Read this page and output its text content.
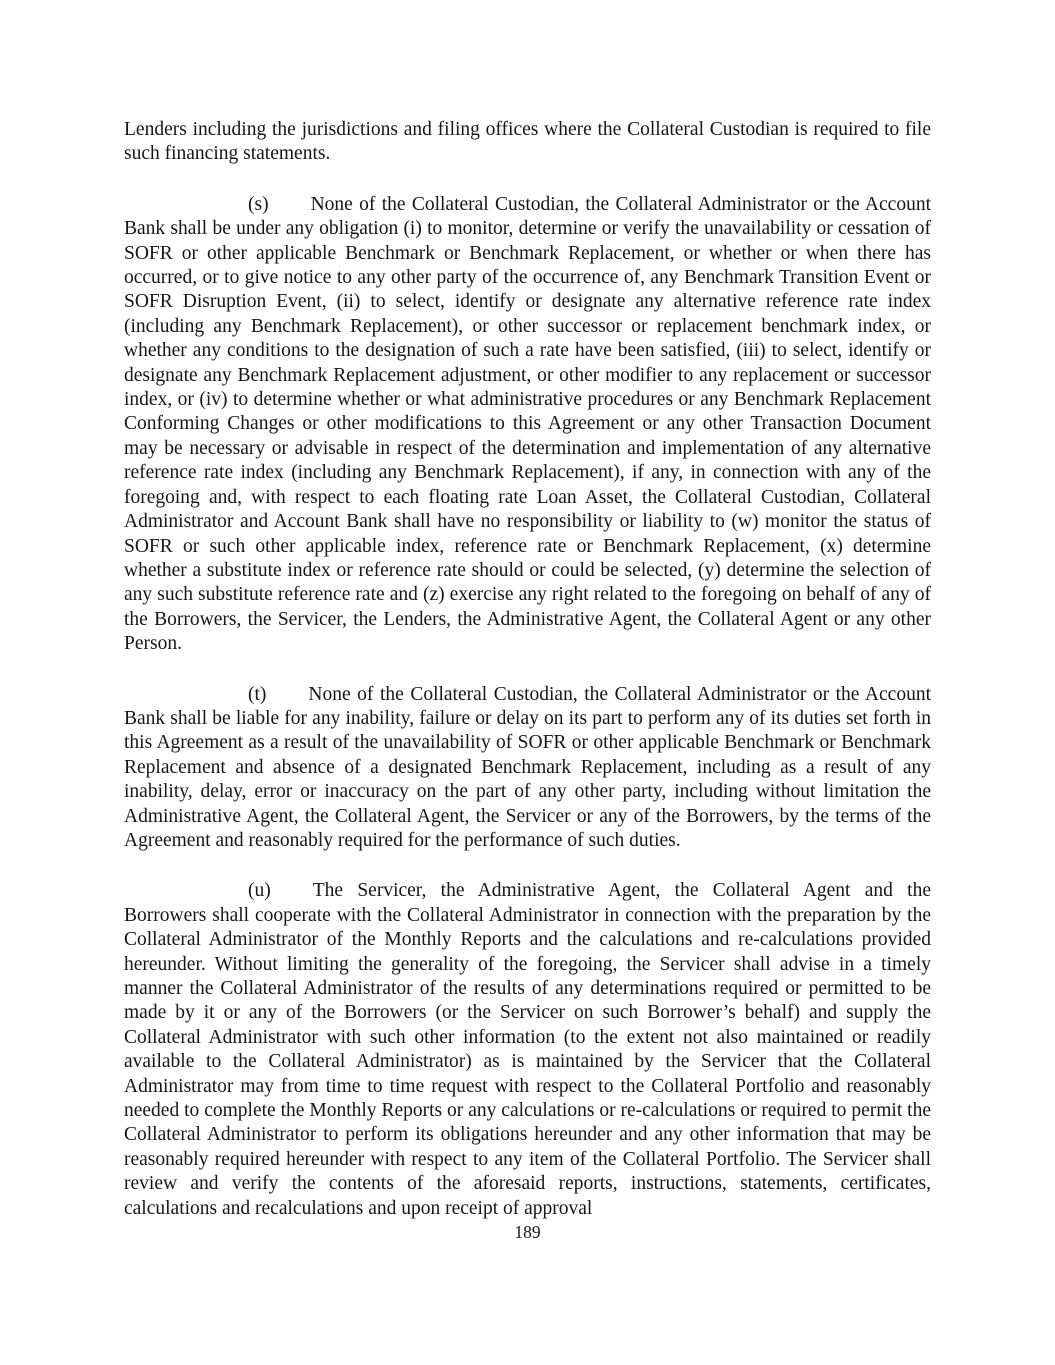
Lenders including the jurisdictions and filing offices where the Collateral Custodian is required to file such financing statements.

(s) None of the Collateral Custodian, the Collateral Administrator or the Account Bank shall be under any obligation (i) to monitor, determine or verify the unavailability or cessation of SOFR or other applicable Benchmark or Benchmark Replacement, or whether or when there has occurred, or to give notice to any other party of the occurrence of, any Benchmark Transition Event or SOFR Disruption Event, (ii) to select, identify or designate any alternative reference rate index (including any Benchmark Replacement), or other successor or replacement benchmark index, or whether any conditions to the designation of such a rate have been satisfied, (iii) to select, identify or designate any Benchmark Replacement adjustment, or other modifier to any replacement or successor index, or (iv) to determine whether or what administrative procedures or any Benchmark Replacement Conforming Changes or other modifications to this Agreement or any other Transaction Document may be necessary or advisable in respect of the determination and implementation of any alternative reference rate index (including any Benchmark Replacement), if any, in connection with any of the foregoing and, with respect to each floating rate Loan Asset, the Collateral Custodian, Collateral Administrator and Account Bank shall have no responsibility or liability to (w) monitor the status of SOFR or such other applicable index, reference rate or Benchmark Replacement, (x) determine whether a substitute index or reference rate should or could be selected, (y) determine the selection of any such substitute reference rate and (z) exercise any right related to the foregoing on behalf of any of the Borrowers, the Servicer, the Lenders, the Administrative Agent, the Collateral Agent or any other Person.

(t) None of the Collateral Custodian, the Collateral Administrator or the Account Bank shall be liable for any inability, failure or delay on its part to perform any of its duties set forth in this Agreement as a result of the unavailability of SOFR or other applicable Benchmark or Benchmark Replacement and absence of a designated Benchmark Replacement, including as a result of any inability, delay, error or inaccuracy on the part of any other party, including without limitation the Administrative Agent, the Collateral Agent, the Servicer or any of the Borrowers, by the terms of the Agreement and reasonably required for the performance of such duties.

(u) The Servicer, the Administrative Agent, the Collateral Agent and the Borrowers shall cooperate with the Collateral Administrator in connection with the preparation by the Collateral Administrator of the Monthly Reports and the calculations and re-calculations provided hereunder. Without limiting the generality of the foregoing, the Servicer shall advise in a timely manner the Collateral Administrator of the results of any determinations required or permitted to be made by it or any of the Borrowers (or the Servicer on such Borrower’s behalf) and supply the Collateral Administrator with such other information (to the extent not also maintained or readily available to the Collateral Administrator) as is maintained by the Servicer that the Collateral Administrator may from time to time request with respect to the Collateral Portfolio and reasonably needed to complete the Monthly Reports or any calculations or re-calculations or required to permit the Collateral Administrator to perform its obligations hereunder and any other information that may be reasonably required hereunder with respect to any item of the Collateral Portfolio. The Servicer shall review and verify the contents of the aforesaid reports, instructions, statements, certificates, calculations and recalculations and upon receipt of approval

189
